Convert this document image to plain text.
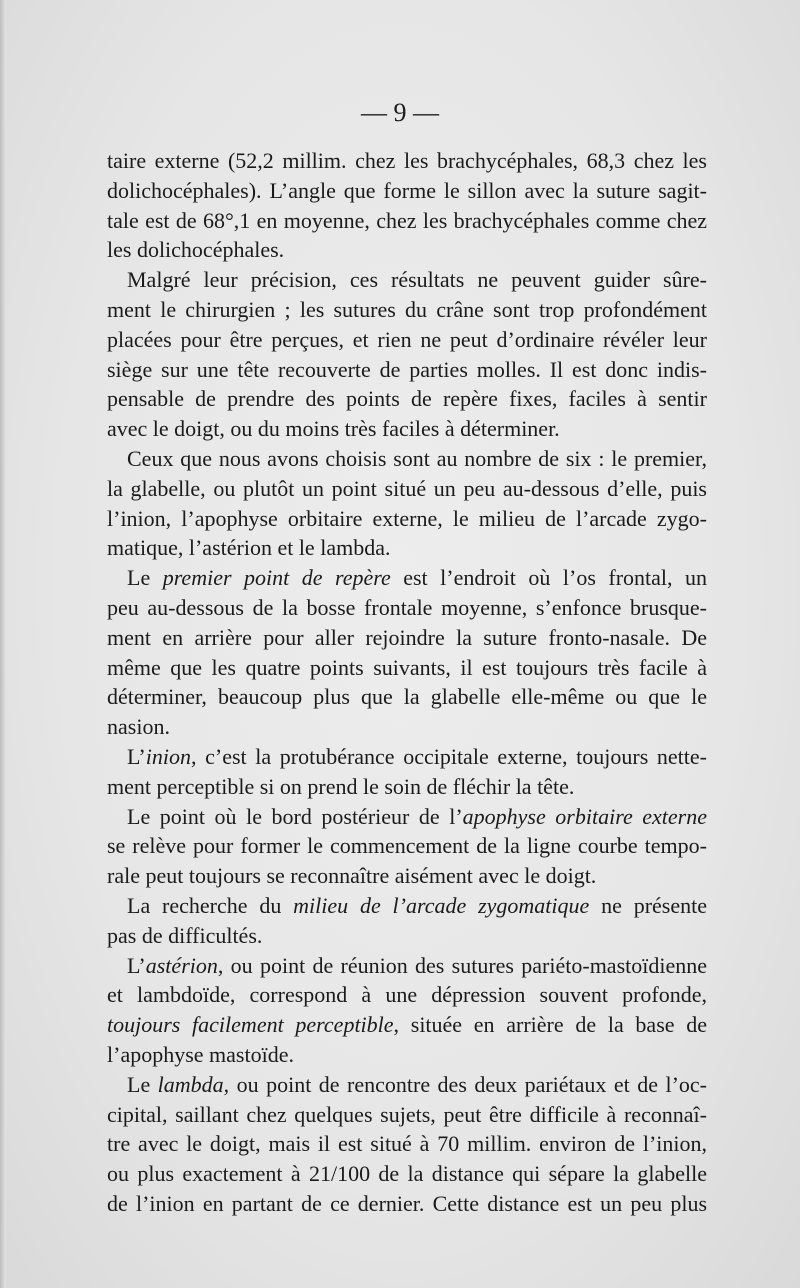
— 9 —
taire externe (52,2 millim. chez les brachycéphales, 68,3 chez les
dolichocéphales). L’angle que forme le sillon avec la suture sagit-
tale est de 68°,1 en moyenne, chez les brachycéphales comme chez
les dolichocéphales.
Malgré leur précision, ces résultats ne peuvent guider sûre-
ment le chirurgien ; les sutures du crâne sont trop profondément
placées pour être perçues, et rien ne peut d’ordinaire révéler leur
siège sur une tête recouverte de parties molles. Il est donc indis-
pensable de prendre des points de repère fixes, faciles à sentir
avec le doigt, ou du moins très faciles à déterminer.
Ceux que nous avons choisis sont au nombre de six : le premier,
la glabelle, ou plutôt un point situé un peu au-dessous d’elle, puis
l’inion, l’apophyse orbitaire externe, le milieu de l’arcade zygo-
matique, l’astérion et le lambda.
Le premier point de repère est l’endroit où l’os frontal, un
peu au-dessous de la bosse frontale moyenne, s’enfonce brusque-
ment en arrière pour aller rejoindre la suture fronto-nasale. De
même que les quatre points suivants, il est toujours très facile à
déterminer, beaucoup plus que la glabelle elle-même ou que le
nasion.
L’inion, c’est la protubérance occipitale externe, toujours nette-
ment perceptible si on prend le soin de fléchir la tête.
Le point où le bord postérieur de l’apophyse orbitaire externe
se relève pour former le commencement de la ligne courbe tempo-
rale peut toujours se reconnaître aisément avec le doigt.
La recherche du milieu de l’arcade zygomatique ne présente
pas de difficultés.
L’astérion, ou point de réunion des sutures pariéto-mastoïdienne
et lambdoïde, correspond à une dépression souvent profonde,
toujours facilement perceptible, située en arrière de la base de
l’apophyse mastoïde.
Le lambda, ou point de rencontre des deux pariétaux et de l’oc-
cipital, saillant chez quelques sujets, peut être difficile à reconnaî-
tre avec le doigt, mais il est situé à 70 millim. environ de l’inion,
ou plus exactement à 21/100 de la distance qui sépare la glabelle
de l’inion en partant de ce dernier. Cette distance est un peu plus
